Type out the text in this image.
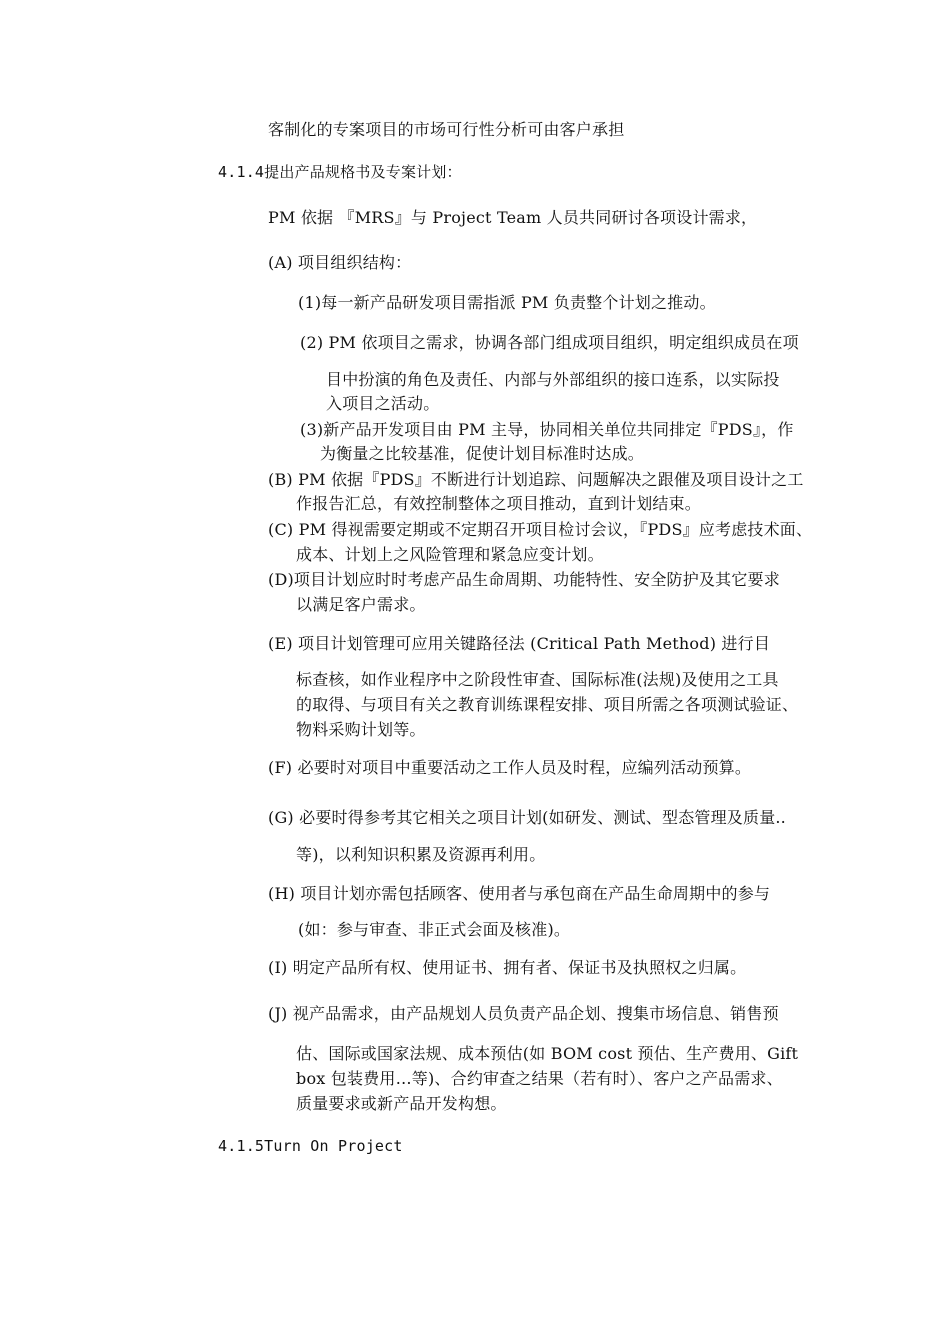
客制化的专案项目的市场可行性分析可由客户承担
4.1.4提出产品规格书及专案计划：
PM 依据 『MRS』与 Project Team 人员共同研讨各项设计需求，
(A) 项目组织结构：
(1)每一新产品研发项目需指派 PM 负责整个计划之推动。
(2) PM 依项目之需求，协调各部门组成项目组织，明定组织成员在项
目中扮演的角色及责任、内部与外部组织的接口连系，以实际投
入项目之活动。
(3)新产品开发项目由 PM 主导，协同相关单位共同排定『PDS』，作
为衡量之比较基准，促使计划目标准时达成。
(B) PM 依据『PDS』不断进行计划追踪、问题解决之跟催及项目设计之工
作报告汇总，有效控制整体之项目推动，直到计划结束。
(C) PM 得视需要定期或不定期召开项目检讨会议，『PDS』应考虑技术面、
成本、计划上之风险管理和紧急应变计划。
(D)项目计划应时时考虑产品生命周期、功能特性、安全防护及其它要求
以满足客户需求。
(E) 项目计划管理可应用关键路径法 (Critical Path Method) 进行目
标查核，如作业程序中之阶段性审查、国际标准(法规)及使用之工具
的取得、与项目有关之教育训练课程安排、项目所需之各项测试验证、
物料采购计划等。
(F) 必要时对项目中重要活动之工作人员及时程，应编列活动预算。
(G) 必要时得参考其它相关之项目计划(如研发、测试、型态管理及质量..
等)，以利知识积累及资源再利用。
(H) 项目计划亦需包括顾客、使用者与承包商在产品生命周期中的参与
(如：参与审查、非正式会面及核准)。
(I) 明定产品所有权、使用证书、拥有者、保证书及执照权之归属。
(J) 视产品需求，由产品规划人员负责产品企划、搜集市场信息、销售预
估、国际或国家法规、成本预估(如 BOM cost 预估、生产费用、Gift
box 包装费用…等)、合约审查之结果（若有时）、客户之产品需求、
质量要求或新产品开发构想。
4.1.5Turn On Project
